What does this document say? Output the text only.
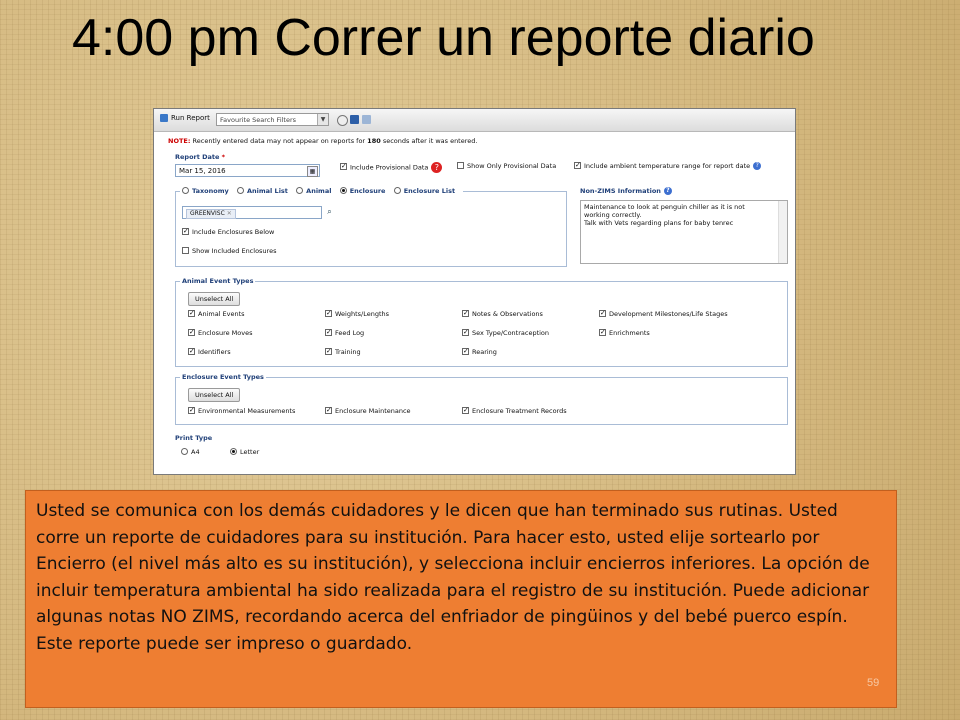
4:00 pm Correr un reporte diario
Run Report	Favourite Search Filters	▼
NOTE: Recently entered data may not appear on reports for 180 seconds after it was entered.
Report Date *
Mar 15, 2016	▦ ✓	Include Provisional Data ?	Show Only Provisional Data ✓	Include ambient temperature range for report date ?
Taxonomy	Animal List	Animal	Enclosure	Enclosure List
GREENVISC ✕	⌕
✓Include Enclosures Below
Show Included Enclosures
Non-ZIMS Information ?
Maintenance to look at penguin chiller as it is not
working correctly.
Talk with Vets regarding plans for baby tenrec
Animal Event Types
Unselect All
✓Animal Events ✓	Weights/Lengths ✓	Notes & Observations ✓	Development Milestones/Life Stages
✓Enclosure Moves ✓	Feed Log ✓	Sex Type/Contraception ✓	Enrichments
✓Identifiers ✓	Training ✓	Rearing
Enclosure Event Types
Unselect All
✓Environmental Measurements ✓	Enclosure Maintenance ✓	Enclosure Treatment Records
Print Type
A4	Letter
Usted se comunica con los demás cuidadores y le dicen que han terminado sus rutinas. Usted corre un reporte de cuidadores para su institución. Para hacer esto, usted elije sortearlo por Encierro (el nivel más alto es su institución), y selecciona incluir encierros inferiores. La opción de incluir temperatura ambiental ha sido realizada para el registro de su institución. Puede adicionar algunas notas NO ZIMS, recordando acerca del enfriador de pingüinos y del bebé puerco espín. Este reporte puede ser impreso o guardado.
59
